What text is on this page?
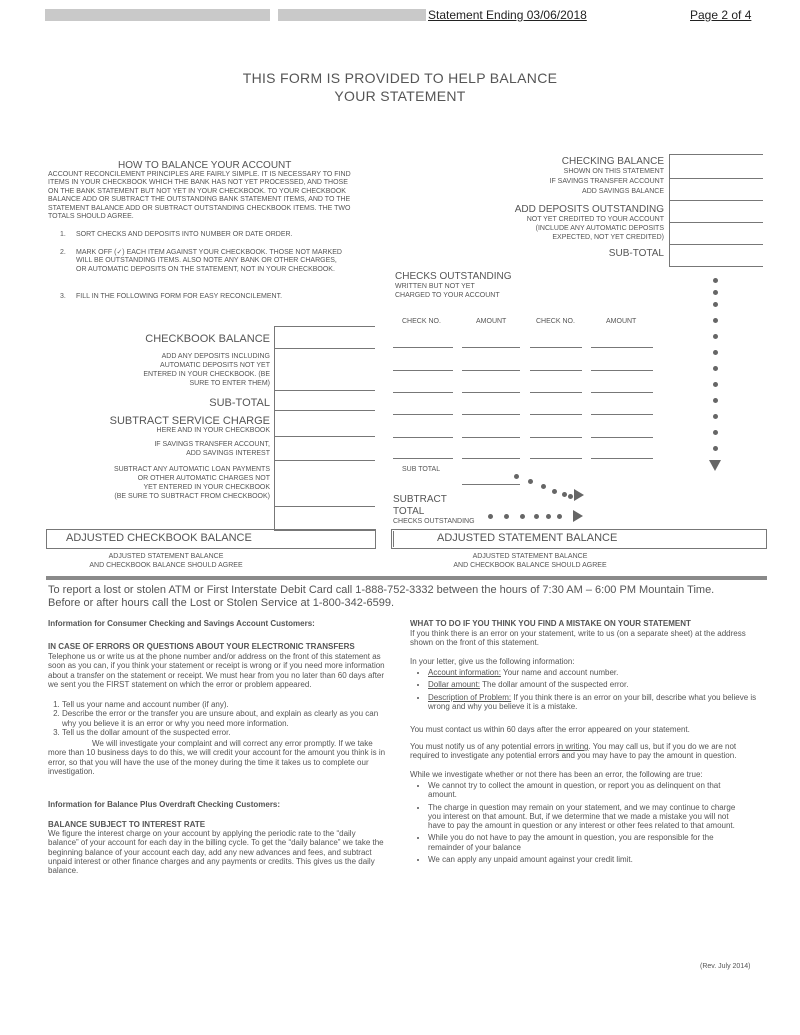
Statement Ending 03/06/2018	Page 2 of 4
THIS FORM IS PROVIDED TO HELP BALANCE
YOUR STATEMENT
HOW TO BALANCE YOUR ACCOUNT
ACCOUNT RECONCILEMENT PRINCIPLES ARE FAIRLY SIMPLE. IT IS NECESSARY TO FIND ITEMS IN YOUR CHECKBOOK WHICH THE BANK HAS NOT YET PROCESSED, AND THOSE ON THE BANK STATEMENT BUT NOT YET IN YOUR CHECKBOOK. TO YOUR CHECKBOOK BALANCE ADD OR SUBTRACT THE OUTSTANDING BANK STATEMENT ITEMS, AND TO THE STATEMENT BALANCE ADD OR SUBTRACT OUTSTANDING CHECKBOOK ITEMS. THE TWO TOTALS SHOULD AGREE.
1. SORT CHECKS AND DEPOSITS INTO NUMBER OR DATE ORDER.
2. MARK OFF (✓) EACH ITEM AGAINST YOUR CHECKBOOK. THOSE NOT MARKED WILL BE OUTSTANDING ITEMS. ALSO NOTE ANY BANK OR OTHER CHARGES, OR AUTOMATIC DEPOSITS ON THE STATEMENT, NOT IN YOUR CHECKBOOK.
3. FILL IN THE FOLLOWING FORM FOR EASY RECONCILEMENT.
CHECKING BALANCE
SHOWN ON THIS STATEMENT
IF SAVINGS TRANSFER ACCOUNT
ADD SAVINGS BALANCE
ADD DEPOSITS OUTSTANDING
NOT YET CREDITED TO YOUR ACCOUNT
(INCLUDE ANY AUTOMATIC DEPOSITS
EXPECTED, NOT YET CREDITED)
SUB-TOTAL
CHECKS OUTSTANDING
WRITTEN BUT NOT YET
CHARGED TO YOUR ACCOUNT
CHECK NO.	AMOUNT	CHECK NO.	AMOUNT
SUB TOTAL
SUBTRACT
TOTAL
CHECKS OUTSTANDING
CHECKBOOK BALANCE
ADD ANY DEPOSITS INCLUDING
AUTOMATIC DEPOSITS NOT YET
ENTERED IN YOUR CHECKBOOK. (BE
SURE TO ENTER THEM)
SUB-TOTAL
SUBTRACT SERVICE CHARGE
HERE AND IN YOUR CHECKBOOK
IF SAVINGS TRANSFER ACCOUNT,
ADD SAVINGS INTEREST
SUBTRACT ANY AUTOMATIC LOAN PAYMENTS
OR OTHER AUTOMATIC CHARGES NOT
YET ENTERED IN YOUR CHECKBOOK
(BE SURE TO SUBTRACT FROM CHECKBOOK)
ADJUSTED CHECKBOOK BALANCE	ADJUSTED STATEMENT BALANCE
ADJUSTED STATEMENT BALANCE
AND CHECKBOOK BALANCE SHOULD AGREE
ADJUSTED STATEMENT BALANCE
AND CHECKBOOK BALANCE SHOULD AGREE
To report a lost or stolen ATM or First Interstate Debit Card call 1-888-752-3332 between the hours of 7:30 AM – 6:00 PM Mountain Time.
Before or after hours call the Lost or Stolen Service at 1-800-342-6599.
Information for Consumer Checking and Savings Account Customers:
IN CASE OF ERRORS OR QUESTIONS ABOUT YOUR ELECTRONIC TRANSFERS
Telephone us or write us at the phone number and/or address on the front of this statement as soon as you can, if you think your statement or receipt is wrong or if you need more information about a transfer on the statement or receipt. We must hear from you no later than 60 days after we sent you the FIRST statement on which the error or problem appeared.
1. Tell us your name and account number (if any).
2. Describe the error or the transfer you are unsure about, and explain as clearly as you can why you believe it is an error or why you need more information.
3. Tell us the dollar amount of the suspected error.
We will investigate your complaint and will correct any error promptly. If we take more than 10 business days to do this, we will credit your account for the amount you think is in error, so that you will have the use of the money during the time it takes us to complete our investigation.
Information for Balance Plus Overdraft Checking Customers:
BALANCE SUBJECT TO INTEREST RATE
We figure the interest charge on your account by applying the periodic rate to the “daily balance” of your account for each day in the billing cycle. To get the “daily balance” we take the beginning balance of your account each day, add any new advances and fees, and subtract unpaid interest or other finance charges and any payments or credits. This gives us the daily balance.
WHAT TO DO IF YOU THINK YOU FIND A MISTAKE ON YOUR STATEMENT
If you think there is an error on your statement, write to us (on a separate sheet) at the address shown on the front of this statement.
In your letter, give us the following information:
• Account information: Your name and account number.
• Dollar amount: The dollar amount of the suspected error.
• Description of Problem: If you think there is an error on your bill, describe what you believe is wrong and why you believe it is a mistake.
You must contact us within 60 days after the error appeared on your statement.
You must notify us of any potential errors in writing. You may call us, but if you do we are not required to investigate any potential errors and you may have to pay the amount in question.
While we investigate whether or not there has been an error, the following are true:
• We cannot try to collect the amount in question, or report you as delinquent on that amount.
• The charge in question may remain on your statement, and we may continue to charge you interest on that amount. But, if we determine that we made a mistake you will not have to pay the amount in question or any interest or other fees related to that amount.
• While you do not have to pay the amount in question, you are responsible for the remainder of your balance
• We can apply any unpaid amount against your credit limit.
(Rev. July 2014)
